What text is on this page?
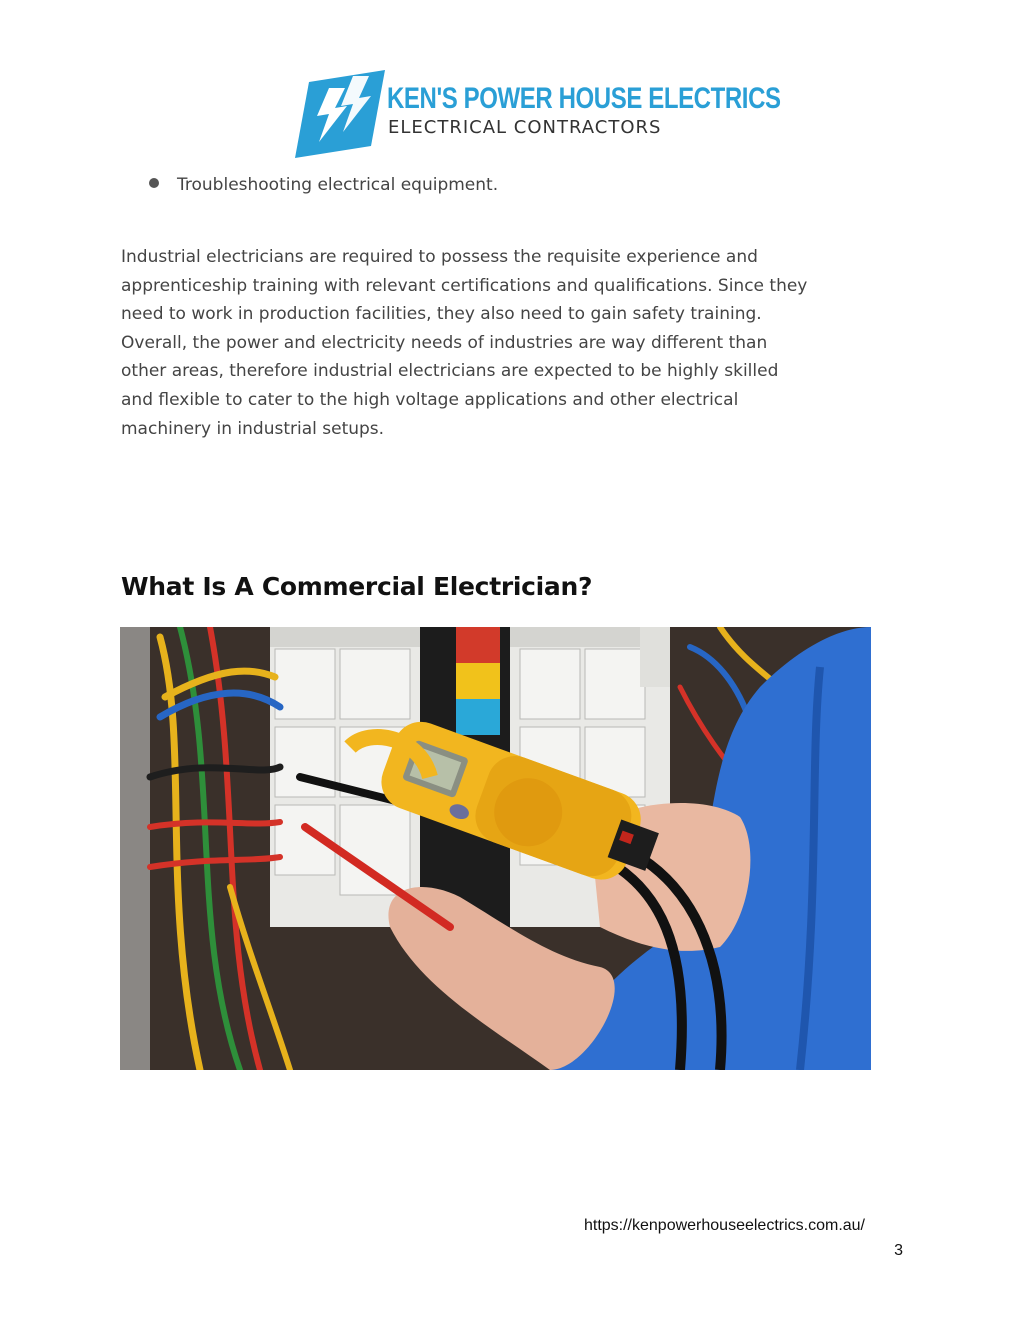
KEN'S POWER HOUSE ELECTRICS
ELECTRICAL CONTRACTORS
Troubleshooting electrical equipment.
Industrial electricians are required to possess the requisite experience and
apprenticeship training with relevant certifications and qualifications. Since they
need to work in production facilities, they also need to gain safety training.
Overall, the power and electricity needs of industries are way different than
other areas, therefore industrial electricians are expected to be highly skilled
and flexible to cater to the high voltage applications and other electrical
machinery in industrial setups.
What Is A Commercial Electrician?
https://kenpowerhouseelectrics.com.au/
3
